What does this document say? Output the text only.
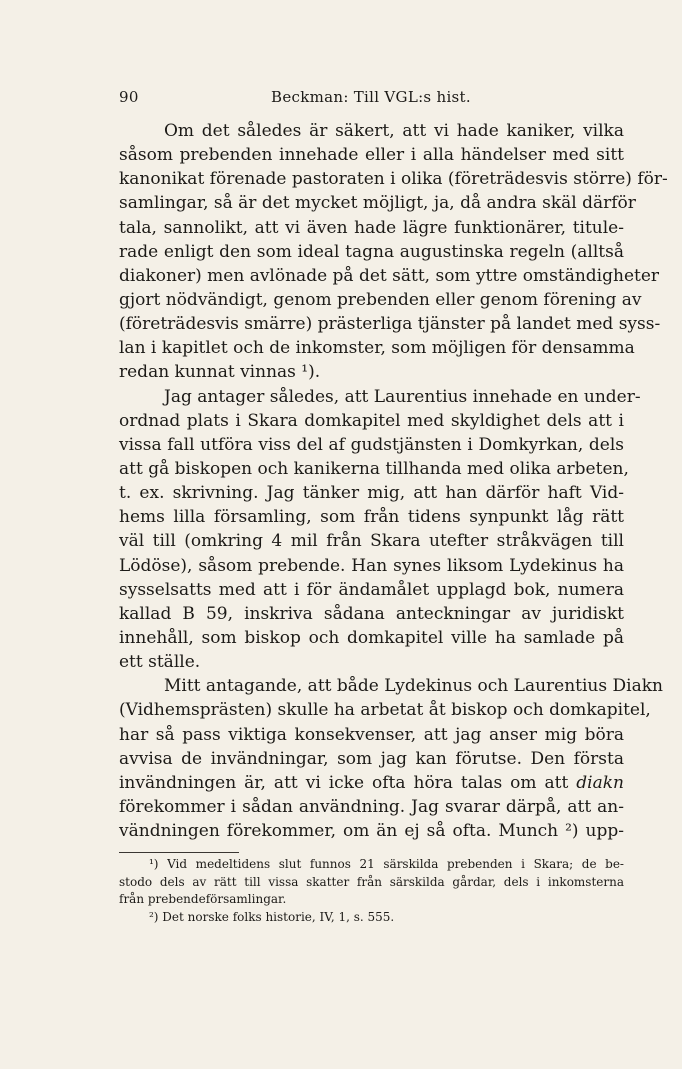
90	Beckman: Till VGL:s hist.
Om det således är säkert, att vi hade kaniker, vilka
såsom prebenden innehade eller i alla händelser med sitt
kanonikat förenade pastoraten i olika (företrädesvis större) för-
samlingar, så är det mycket möjligt, ja, då andra skäl därför
tala, sannolikt, att vi även hade lägre funktionärer, titule-
rade enligt den som ideal tagna augustinska regeln (alltså
diakoner) men avlönade på det sätt, som yttre omständigheter
gjort nödvändigt, genom prebenden eller genom förening av
(företrädesvis smärre) prästerliga tjänster på landet med syss-
lan i kapitlet och de inkomster, som möjligen för densamma
redan kunnat vinnas ¹).
Jag antager således, att Laurentius innehade en under-
ordnad plats i Skara domkapitel med skyldighet dels att i
vissa fall utföra viss del af gudstjänsten i Domkyrkan, dels
att gå biskopen och kanikerna tillhanda med olika arbeten,
t. ex. skrivning. Jag tänker mig, att han därför haft Vid-
hems lilla församling, som från tidens synpunkt låg rätt
väl till (omkring 4 mil från Skara utefter stråkvägen till
Lödöse), såsom prebende. Han synes liksom Lydekinus ha
sysselsatts med att i för ändamålet upplagd bok, numera
kallad B 59, inskriva sådana anteckningar av juridiskt
innehåll, som biskop och domkapitel ville ha samlade på
ett ställe.
Mitt antagande, att både Lydekinus och Laurentius Diakn
(Vidhemsprästen) skulle ha arbetat åt biskop och domkapitel,
har så pass viktiga konsekvenser, att jag anser mig böra
avvisa de invändningar, som jag kan förutse. Den första
invändningen är, att vi icke ofta höra talas om att diakn
förekommer i sådan användning. Jag svarar därpå, att an-
vändningen förekommer, om än ej så ofta. Munch ²) upp-
¹) Vid medeltidens slut funnos 21 särskilda prebenden i Skara; de be-
stodo dels av rätt till vissa skatter från särskilda gårdar, dels i inkomsterna
från prebendeförsamlingar.
²) Det norske folks historie, IV, 1, s. 555.
